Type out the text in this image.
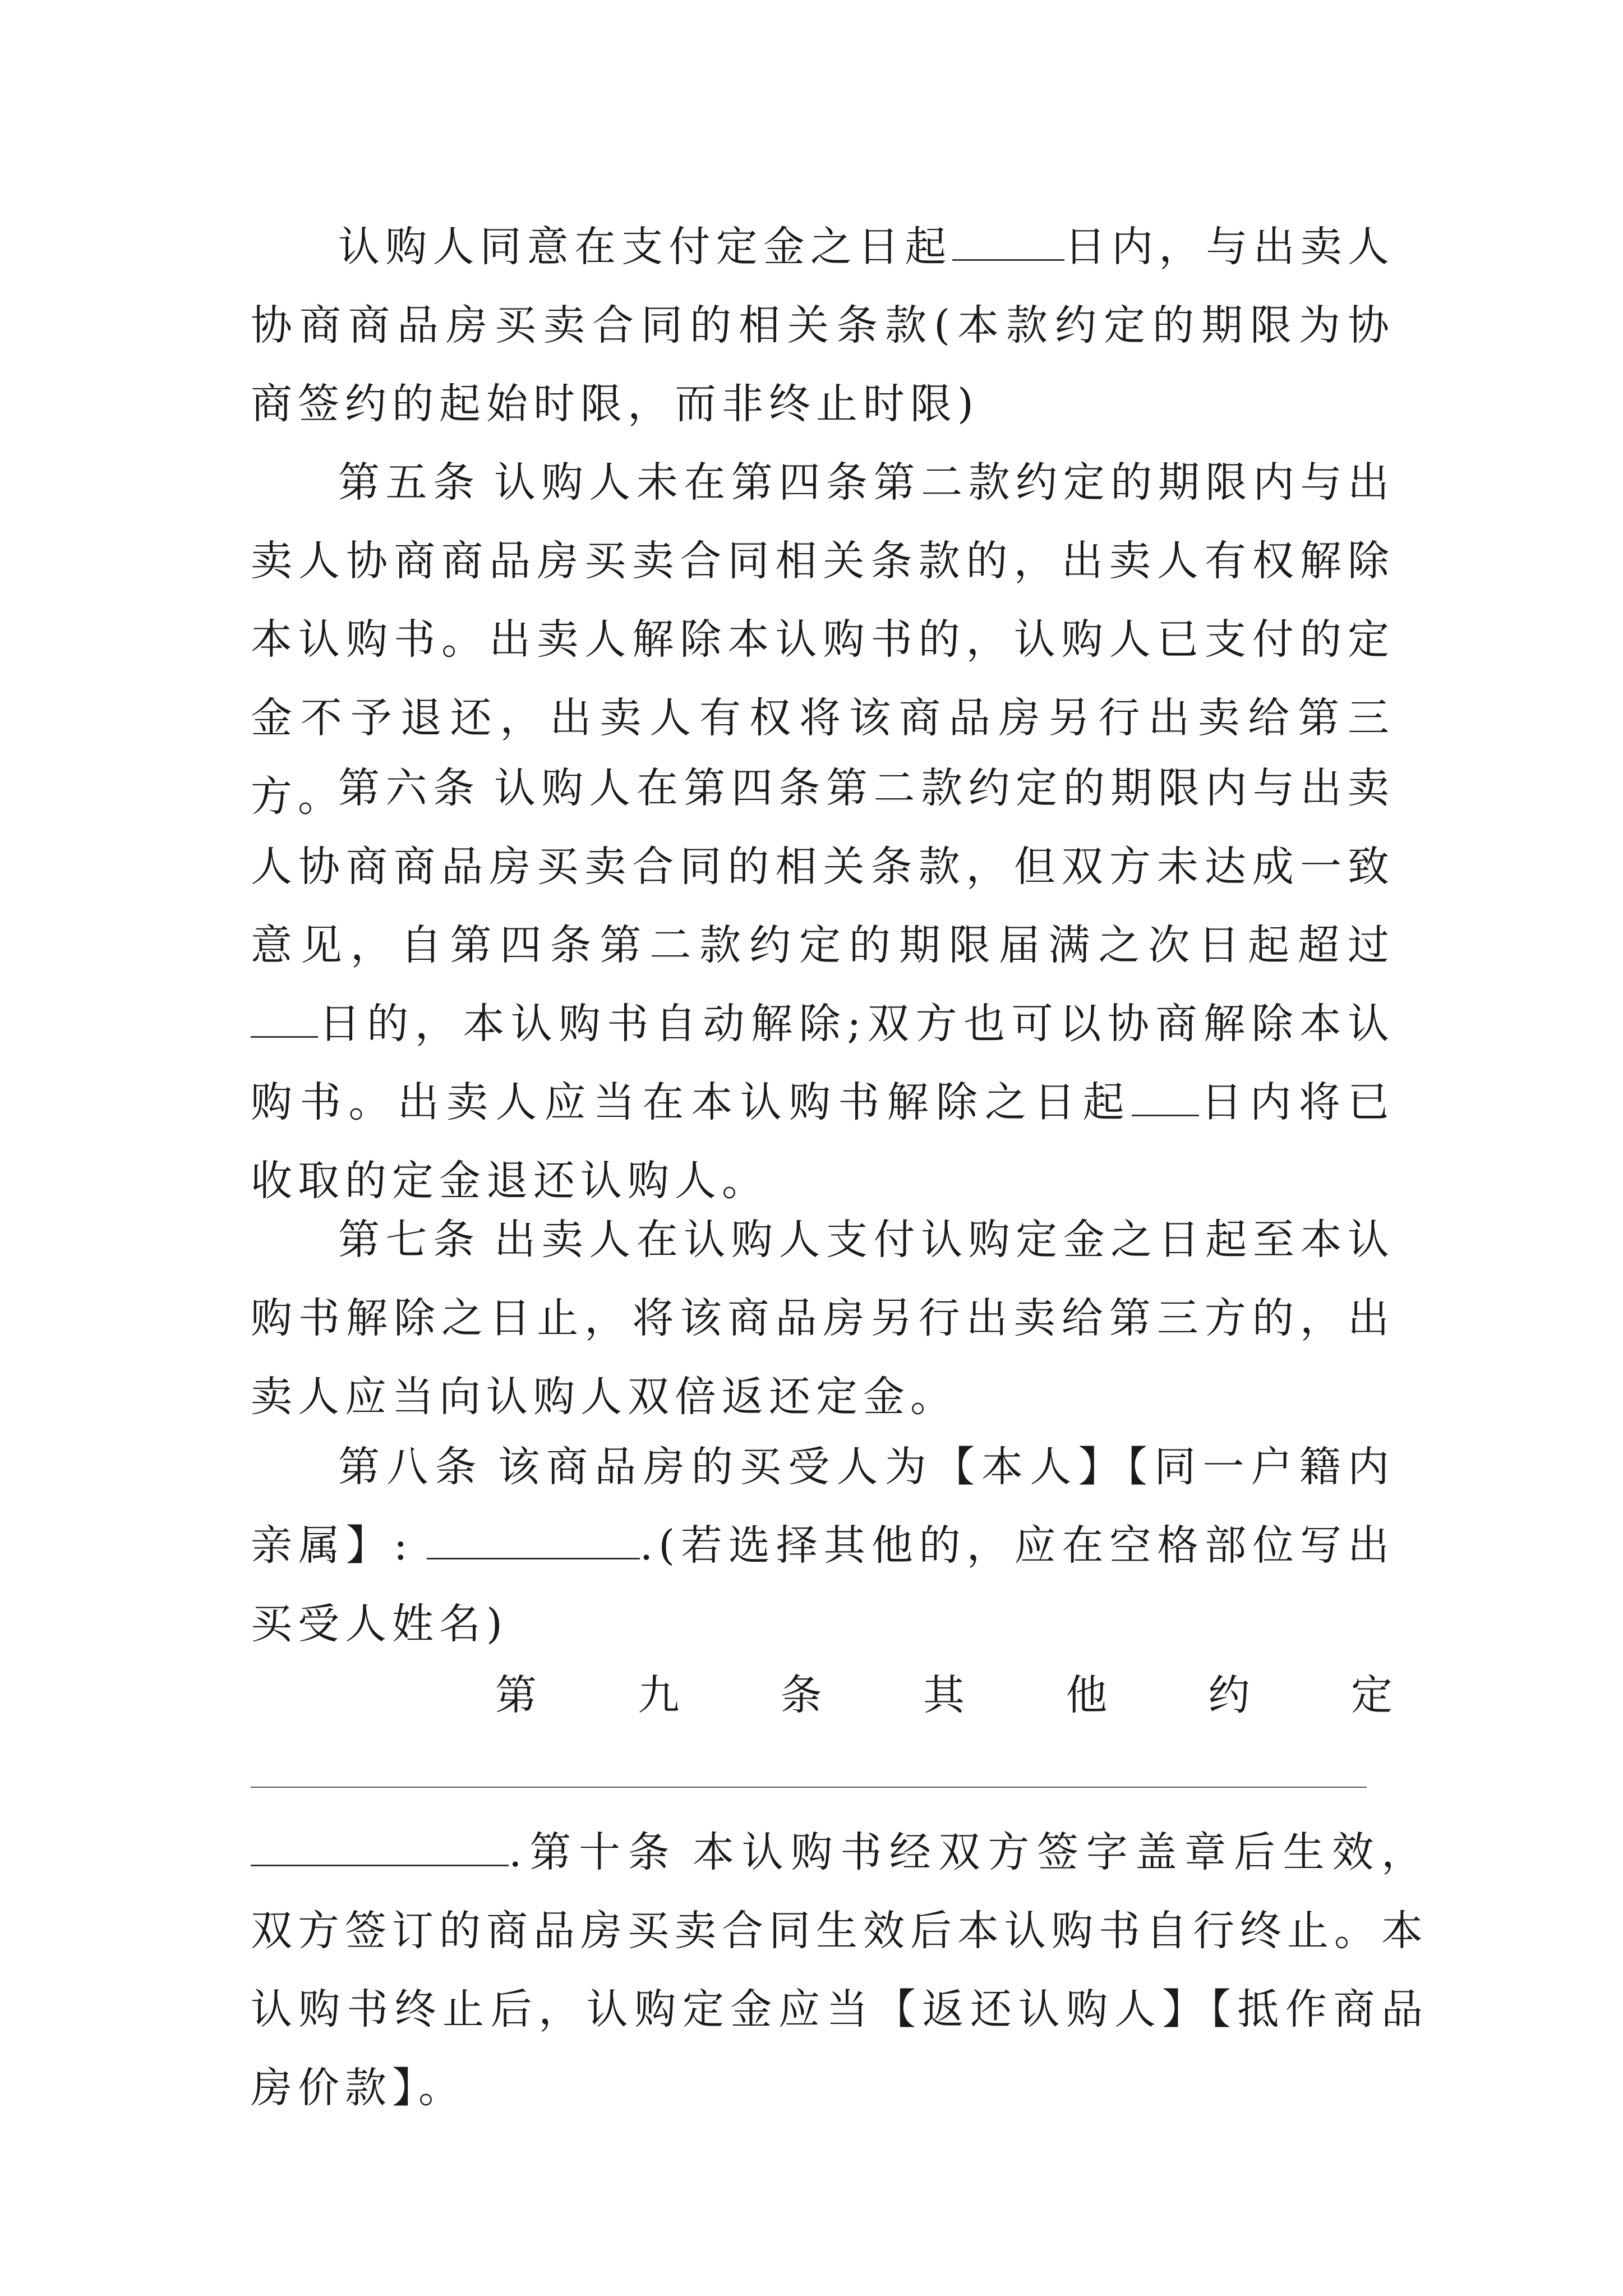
认购人同意在支付定金之日起	日内，与出卖人协商商品房买卖合同的相关条款(本款约定的期限为协商签约的起始时限，而非终止时限)

第五条 认购人未在第四条第二款约定的期限内与出卖人协商商品房买卖合同相关条款的，出卖人有权解除本认购书。出卖人解除本认购书的，认购人已支付的定金不予退还，出卖人有权将该商品房另行出卖给第三方。

第六条 认购人在第四条第二款约定的期限内与出卖人协商商品房买卖合同的相关条款，但双方未达成一致意见，自第四条第二款约定的期限届满之次日起超过日的，本认购书自动解除;双方也可以协商解除本认购书。出卖人应当在本认购书解除之日起 日内将已收取的定金退还认购人。

第七条 出卖人在认购人支付认购定金之日起至本认购书解除之日止，将该商品房另行出卖给第三方的，出卖人应当向认购人双倍返还定金。

第八条 该商品房的买受人为【本人】【同一户籍内亲属】:	.(若选择其他的，应在空格部位写出买受人姓名)

第 九 条 其 他 约 定

.第十条 本认购书经双方签字盖章后生效，双方签订的商品房买卖合同生效后本认购书自行终止。本认购书终止后，认购定金应当【返还认购人】【抵作商品房价款】。
